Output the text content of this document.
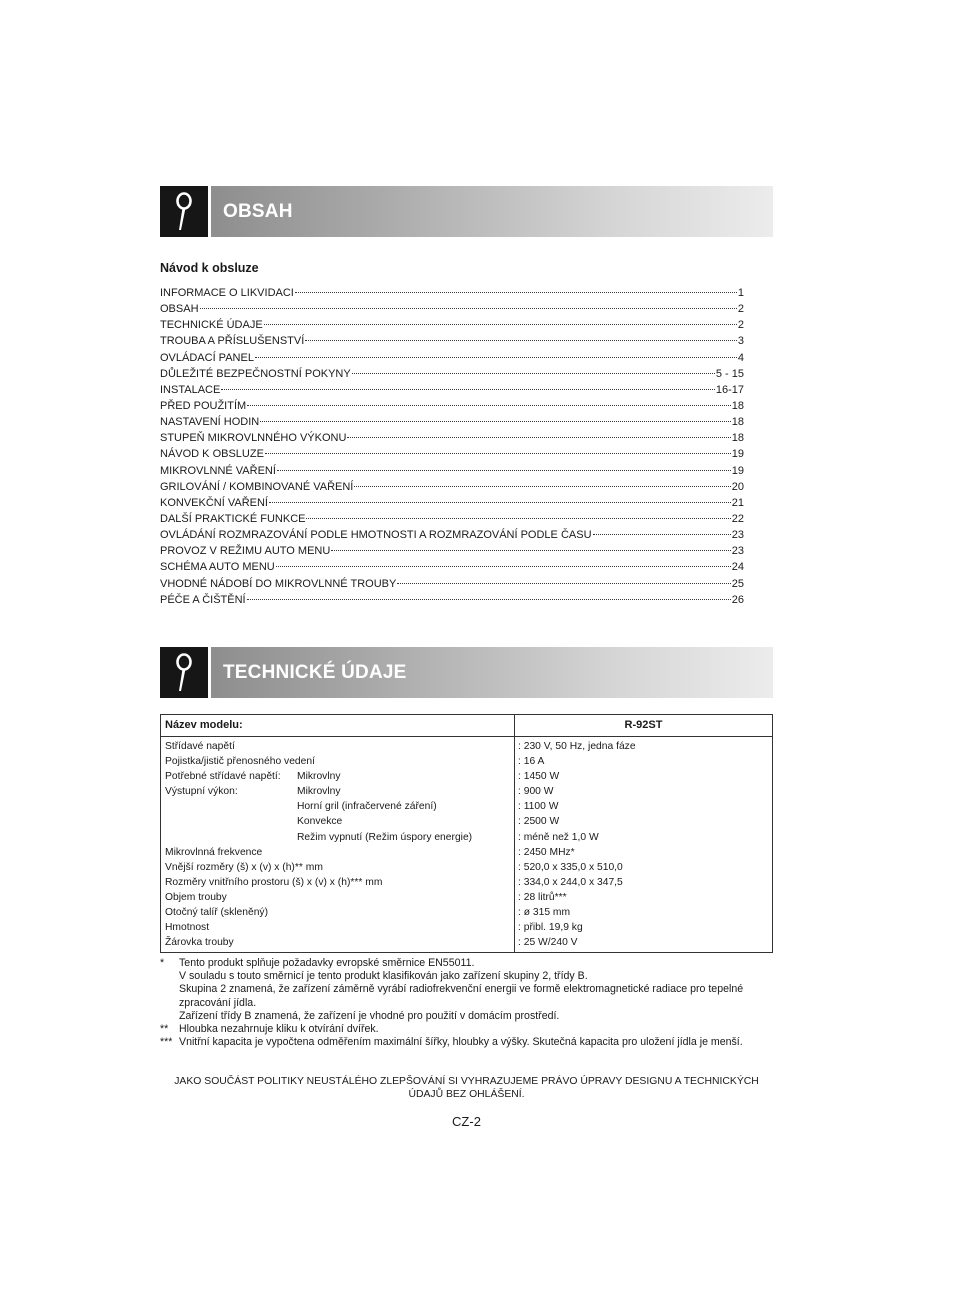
OBSAH
Návod k obsluze
INFORMACE O LIKVIDACI	1
OBSAH	2
TECHNICKÉ ÚDAJE	2
TROUBA A PŘÍSLUŠENSTVÍ	3
OVLÁDACÍ PANEL	4
DŮLEŽITÉ BEZPEČNOSTNÍ POKYNY	5 - 15
INSTALACE	16-17
PŘED POUŽITÍM	18
NASTAVENÍ HODIN	18
STUPEŇ MIKROVLNNÉHO VÝKONU	18
NÁVOD K OBSLUZE	19
MIKROVLNNÉ VAŘENÍ	19
GRILOVÁNÍ / KOMBINOVANÉ VAŘENÍ	20
KONVEKČNÍ VAŘENÍ	21
DALŠÍ PRAKTICKÉ FUNKCE	22
OVLÁDÁNÍ ROZMRAZOVÁNÍ PODLE HMOTNOSTI A ROZMRAZOVÁNÍ PODLE ČASU	23
PROVOZ V REŽIMU AUTO MENU	23
SCHÉMA AUTO MENU	24
VHODNÉ NÁDOBÍ DO MIKROVLNNÉ TROUBY	25
PÉČE A ČIŠTĚNÍ	26
TECHNICKÉ ÚDAJE
Název modelu:	R-92ST
Střídavé napětí	: 230 V, 50 Hz, jedna fáze
Pojistka/jistič přenosného vedení	: 16 A
Potřebné střídavé napětí: Mikrovlny	: 1450 W
Výstupní výkon:	Mikrovlny	: 900 W
Horní gril (infračervené záření)	: 1100 W
Konvekce	: 2500 W
Režim vypnutí (Režim úspory energie)	: méně než 1,0 W
Mikrovlnná frekvence	: 2450 MHz*
Vnější rozměry (š) x (v) x (h)** mm	: 520,0 x 335,0 x 510,0
Rozměry vnitřního prostoru (š) x (v) x (h)*** mm	: 334,0 x 244,0 x 347,5
Objem trouby	: 28 litrů***
Otočný talíř (skleněný)	: ø 315 mm
Hmotnost	: přibl. 19,9 kg
Žárovka trouby	: 25 W/240 V
*	Tento produkt splňuje požadavky evropské směrnice EN55011.
V souladu s touto směrnicí je tento produkt klasifikován jako zařízení skupiny 2, třídy B.
Skupina 2 znamená, že zařízení záměrně vyrábí radiofrekvenční energii ve formě elektromagnetické radiace pro tepelné zpracování jídla.
Zařízení třídy B znamená, že zařízení je vhodné pro použití v domácím prostředí.
**	Hloubka nezahrnuje kliku k otvírání dvířek.
*** Vnitřní kapacita je vypočtena odměřením maximální šířky, hloubky a výšky. Skutečná kapacita pro uložení jídla je menší.
JAKO SOUČÁST POLITIKY NEUSTÁLÉHO ZLEPŠOVÁNÍ SI VYHRAZUJEME PRÁVO ÚPRAVY DESIGNU A TECHNICKÝCH
ÚDAJŮ BEZ OHLÁŠENÍ.
CZ-2
